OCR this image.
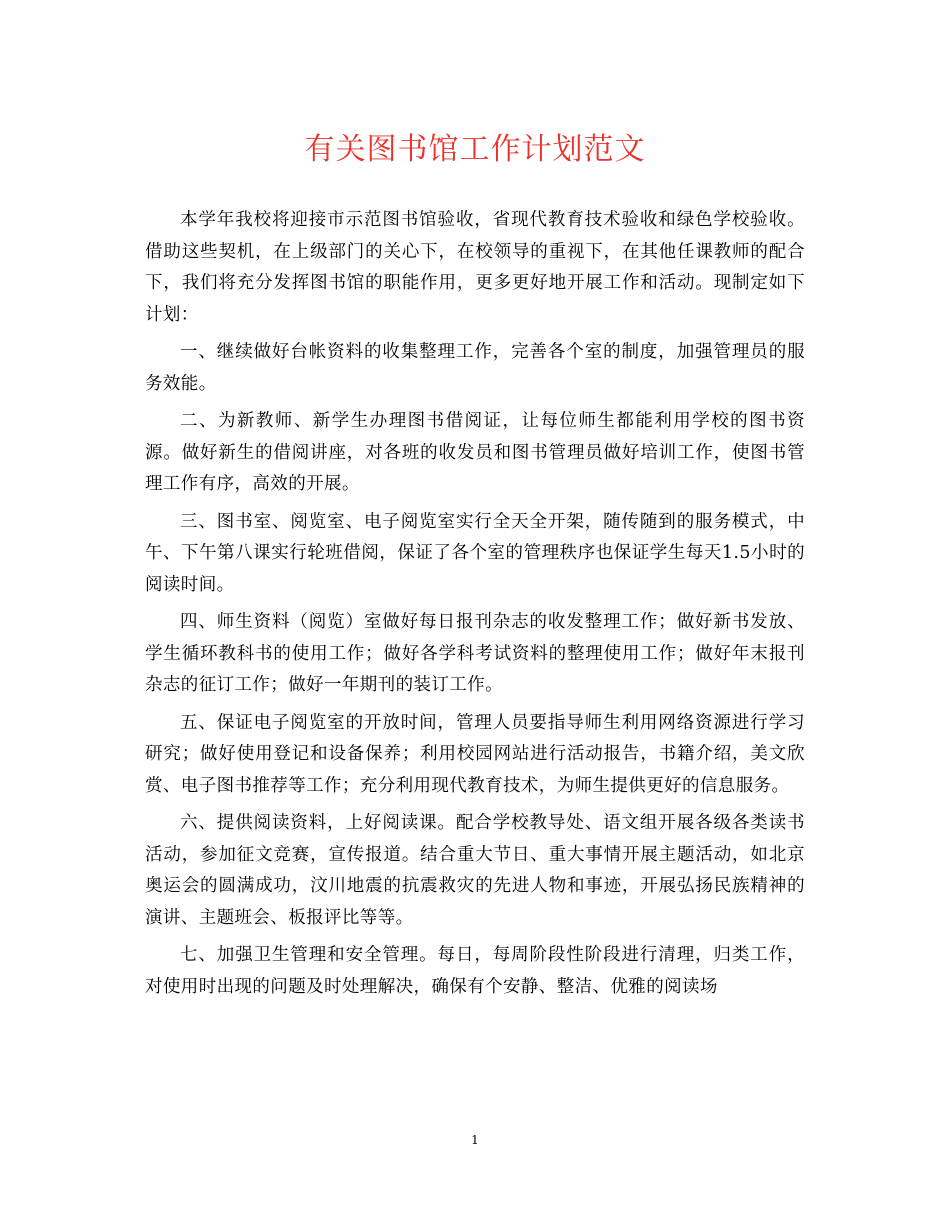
有关图书馆工作计划范文

本学年我校将迎接市示范图书馆验收，省现代教育技术验收和绿色学校验收。借助这些契机，在上级部门的关心下，在校领导的重视下，在其他任课教师的配合下，我们将充分发挥图书馆的职能作用，更多更好地开展工作和活动。现制定如下计划：

一、继续做好台帐资料的收集整理工作，完善各个室的制度，加强管理员的服务效能。

二、为新教师、新学生办理图书借阅证，让每位师生都能利用学校的图书资源。做好新生的借阅讲座，对各班的收发员和图书管理员做好培训工作，使图书管理工作有序，高效的开展。

三、图书室、阅览室、电子阅览室实行全天全开架，随传随到的服务模式，中午、下午第八课实行轮班借阅，保证了各个室的管理秩序也保证学生每天1.5小时的阅读时间。

四、师生资料（阅览）室做好每日报刊杂志的收发整理工作；做好新书发放、学生循环教科书的使用工作；做好各学科考试资料的整理使用工作；做好年末报刊杂志的征订工作；做好一年期刊的装订工作。

五、保证电子阅览室的开放时间，管理人员要指导师生利用网络资源进行学习研究；做好使用登记和设备保养；利用校园网站进行活动报告，书籍介绍，美文欣赏、电子图书推荐等工作；充分利用现代教育技术，为师生提供更好的信息服务。

六、提供阅读资料，上好阅读课。配合学校教导处、语文组开展各级各类读书活动，参加征文竞赛，宣传报道。结合重大节日、重大事情开展主题活动，如北京奥运会的圆满成功，汶川地震的抗震救灾的先进人物和事迹，开展弘扬民族精神的演讲、主题班会、板报评比等等。

七、加强卫生管理和安全管理。每日，每周阶段性阶段进行清理，归类工作，对使用时出现的问题及时处理解决，确保有个安静、整洁、优雅的阅读场

1
